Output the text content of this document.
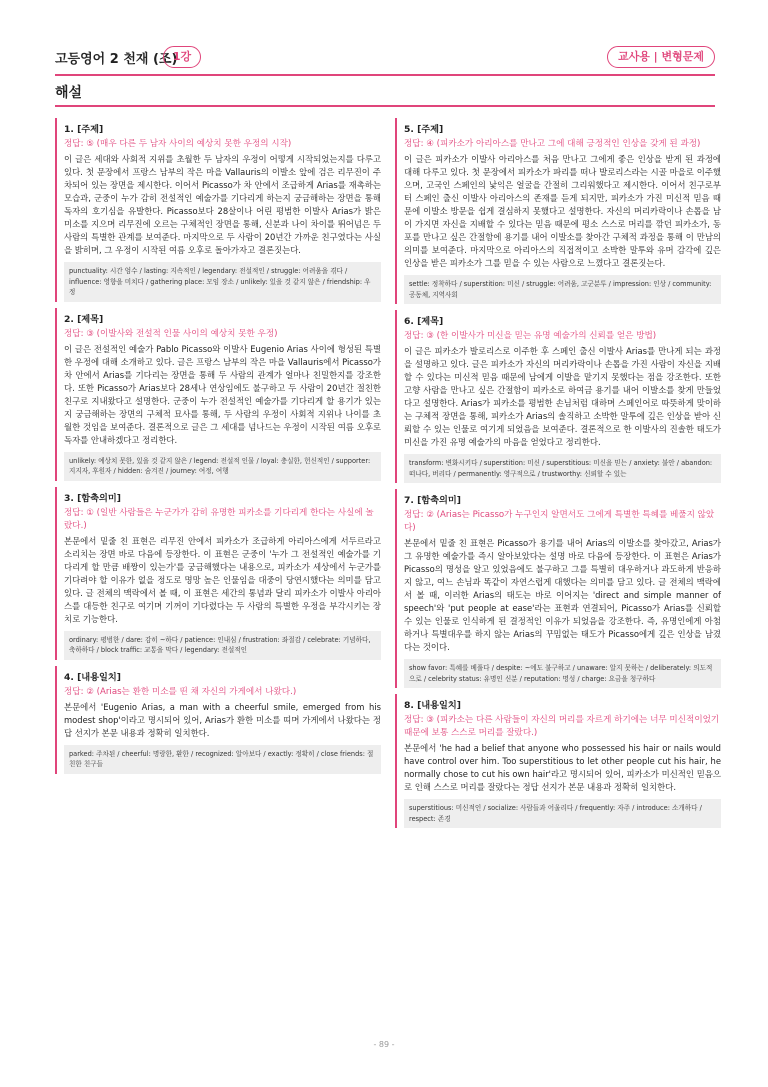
고등영어 2 천재 (조)
1강	교사용 | 변형문제
해설
1. [주제]
정답: ⑤ (매우 다른 두 남자 사이의 예상치 못한 우정의 시작)
이 글은 세대와 사회적 지위를 초월한 두 남자의 우정이 어떻게 시작되었는지를 다루고 있다. 첫 문장에서 프랑스 남부의 작은 마을 Vallauris의 이발소 앞에 검은 리무진이 주차되어 있는 장면을 제시한다. 이어서 Picasso가 차 안에서 조급하게 Arias를 재촉하는 모습과, 군중이 누가 감히 전설적인 예술가를 기다리게 하는지 궁금해하는 장면을 통해 독자의 호기심을 유발한다. Picasso보다 28살이나 어린 평범한 이발사 Arias가 밝은 미소를 지으며 리무진에 오르는 구체적인 장면을 통해, 신분과 나이 차이를 뛰어넘은 두 사람의 특별한 관계를 보여준다. 마지막으로 두 사람이 20년간 가까운 친구였다는 사실을 밝히며, 그 우정이 시작된 여름 오후로 돌아가자고 결론짓는다.
punctuality: 시간 엄수 / lasting: 지속적인 / legendary: 전설적인 / struggle: 어려움을 겪다 / influence: 영향을 미치다 / gathering place: 모임 장소 / unlikely: 있을 것 같지 않은 / friendship: 우정
2. [제목]
정답: ③ (이발사와 전설적 인물 사이의 예상치 못한 우정)
이 글은 전설적인 예술가 Pablo Picasso와 이발사 Eugenio Arias 사이에 형성된 특별한 우정에 대해 소개하고 있다. 글은 프랑스 남부의 작은 마을 Vallauris에서 Picasso가 차 안에서 Arias를 기다리는 장면을 통해 두 사람의 관계가 얼마나 친밀한지를 강조한다. 또한 Picasso가 Arias보다 28세나 연상임에도 불구하고 두 사람이 20년간 절친한 친구로 지내왔다고 설명한다. 군중이 누가 전설적인 예술가를 기다리게 할 용기가 있는지 궁금해하는 장면의 구체적 묘사를 통해, 두 사람의 우정이 사회적 지위나 나이를 초월한 것임을 보여준다. 결론적으로 글은 그 세대를 넘나드는 우정이 시작된 여름 오후로 독자를 안내하겠다고 정리한다.
unlikely: 예상치 못한, 있을 것 같지 않은 / legend: 전설적 인물 / loyal: 충실한, 헌신적인 / supporter: 지지자, 후원자 / hidden: 숨겨진 / journey: 여정, 여행
3. [함축의미]
정답: ① (일반 사람들은 누군가가 감히 유명한 피카소를 기다리게 한다는 사실에 놀랐다.)
본문에서 밑줄 친 표현은 리무진 안에서 피카소가 조급하게 아리아스에게 서두르라고 소리치는 장면 바로 다음에 등장한다. 이 표현은 군중이 '누가 그 전설적인 예술가를 기다리게 할 만큼 배짱이 있는가'를 궁금해했다는 내용으로, 피카소가 세상에서 누군가를 기다려야 할 이유가 없을 정도로 명망 높은 인물임을 대중이 당연시했다는 의미를 담고 있다. 글 전체의 맥락에서 볼 때, 이 표현은 세간의 통념과 달리 피카소가 이발사 아리아스를 대등한 친구로 여기며 기꺼이 기다렸다는 두 사람의 특별한 우정을 부각시키는 장치로 기능한다.
ordinary: 평범한 / dare: 감히 ~하다 / patience: 인내심 / frustration: 좌절감 / celebrate: 기념하다, 축하하다 / block traffic: 교통을 막다 / legendary: 전설적인
4. [내용일치]
정답: ② (Arias는 환한 미소를 띤 채 자신의 가게에서 나왔다.)
본문에서 'Eugenio Arias, a man with a cheerful smile, emerged from his modest shop'이라고 명시되어 있어, Arias가 환한 미소를 띠며 가게에서 나왔다는 정답 선지가 본문 내용과 정확히 일치한다.
parked: 주차된 / cheerful: 명랑한, 환한 / recognized: 알아보다 / exactly: 정확히 / close friends: 절친한 친구들
5. [주제]
정답: ④ (피카소가 아리아스를 만나고 그에 대해 긍정적인 인상을 갖게 된 과정)
이 글은 피카소가 이발사 아리아스를 처음 만나고 그에게 좋은 인상을 받게 된 과정에 대해 다루고 있다. 첫 문장에서 피카소가 파리를 떠나 발로리스라는 시골 마을로 이주했으며, 고국인 스페인의 낯익은 얼굴을 간절히 그리워했다고 제시한다. 이어서 친구로부터 스페인 출신 이발사 아리아스의 존재를 듣게 되지만, 피카소가 가진 미신적 믿음 때문에 이발소 방문을 쉽게 결심하지 못했다고 설명한다. 자신의 머리카락이나 손톱을 남이 가지면 자신을 지배할 수 있다는 믿음 때문에 평소 스스로 머리를 깎던 피카소가, 동포를 만나고 싶은 간절함에 용기를 내어 이발소를 찾아간 구체적 과정을 통해 이 만남의 의미를 보여준다. 마지막으로 아리아스의 직접적이고 소박한 말투와 유머 감각에 깊은 인상을 받은 피카소가 그를 믿을 수 있는 사람으로 느꼈다고 결론짓는다.
settle: 정착하다 / superstition: 미신 / struggle: 어려움, 고군분투 / impression: 인상 / community: 공동체, 지역사회
6. [제목]
정답: ③ (한 이발사가 미신을 믿는 유명 예술가의 신뢰를 얻은 방법)
이 글은 피카소가 발로리스로 이주한 후 스페인 출신 이발사 Arias를 만나게 되는 과정을 설명하고 있다. 글은 피카소가 자신의 머리카락이나 손톱을 가진 사람이 자신을 지배할 수 있다는 미신적 믿음 때문에 남에게 이발을 맡기지 못했다는 점을 강조한다. 또한 고향 사람을 만나고 싶은 간절함이 피카소로 하여금 용기를 내어 이발소를 찾게 만들었다고 설명한다. Arias가 피카소를 평범한 손님처럼 대하며 스페인어로 따뜻하게 맞이하는 구체적 장면을 통해, 피카소가 Arias의 솔직하고 소박한 말투에 깊은 인상을 받아 신뢰할 수 있는 인물로 여기게 되었음을 보여준다. 결론적으로 한 이발사의 진솔한 태도가 미신을 가진 유명 예술가의 마음을 얻었다고 정리한다.
transform: 변화시키다 / superstition: 미신 / superstitious: 미신을 믿는 / anxiety: 불안 / abandon: 떠나다, 버리다 / permanently: 영구적으로 / trustworthy: 신뢰할 수 있는
7. [함축의미]
정답: ② (Arias는 Picasso가 누구인지 알면서도 그에게 특별한 특혜를 베풀지 않았다)
본문에서 밑줄 친 표현은 Picasso가 용기를 내어 Arias의 이발소를 찾아갔고, Arias가 그 유명한 예술가를 즉시 알아보았다는 설명 바로 다음에 등장한다. 이 표현은 Arias가 Picasso의 명성을 알고 있었음에도 불구하고 그를 특별히 대우하거나 과도하게 반응하지 않고, 여느 손님과 똑같이 자연스럽게 대했다는 의미를 담고 있다. 글 전체의 맥락에서 볼 때, 이러한 Arias의 태도는 바로 이어지는 'direct and simple manner of speech'와 'put people at ease'라는 표현과 연결되어, Picasso가 Arias를 신뢰할 수 있는 인물로 인식하게 된 결정적인 이유가 되었음을 강조한다. 즉, 유명인에게 아첨하거나 특별대우를 하지 않는 Arias의 꾸밈없는 태도가 Picasso에게 깊은 인상을 남겼다는 것이다.
show favor: 특혜를 베풀다 / despite: ~에도 불구하고 / unaware: 알지 못하는 / deliberately: 의도적으로 / celebrity status: 유명인 신분 / reputation: 명성 / charge: 요금을 청구하다
8. [내용일치]
정답: ③ (피카소는 다른 사람들이 자신의 머리를 자르게 하기에는 너무 미신적이었기 때문에 보통 스스로 머리를 잘랐다.)
본문에서 'he had a belief that anyone who possessed his hair or nails would have control over him. Too superstitious to let other people cut his hair, he normally chose to cut his own hair'라고 명시되어 있어, 피카소가 미신적인 믿음으로 인해 스스로 머리를 잘랐다는 정답 선지가 본문 내용과 정확히 일치한다.
superstitious: 미신적인 / socialize: 사람들과 어울리다 / frequently: 자주 / introduce: 소개하다 / respect: 존경
- 89 -
